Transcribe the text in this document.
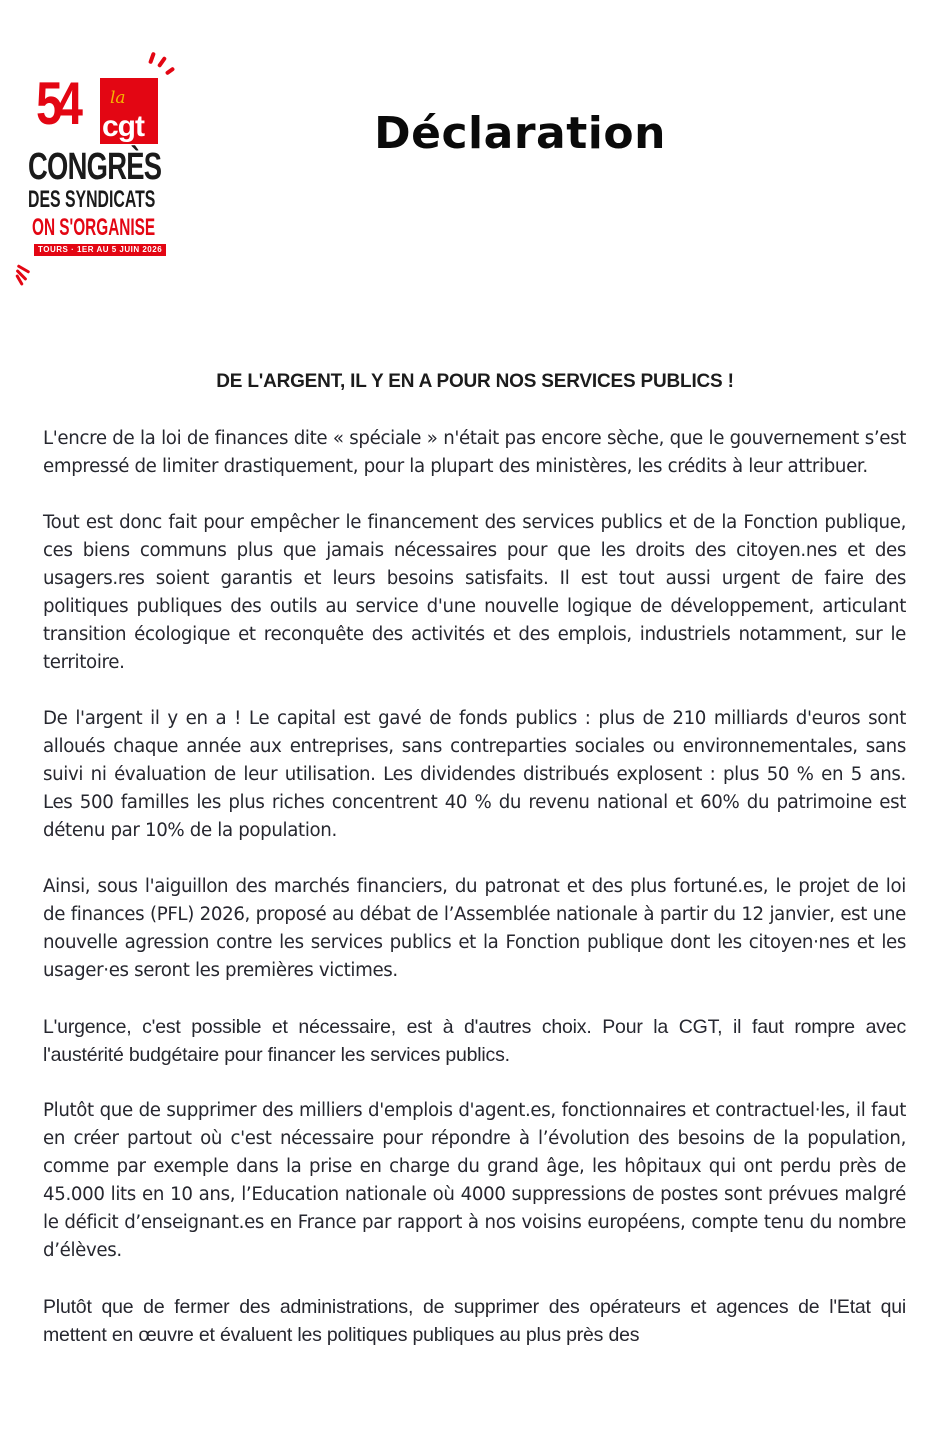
54 la
cgt
CONGRÈS
DES SYNDICATS
ON S'ORGANISE
TOURS · 1ER AU 5 JUIN 2026
Déclaration
DE L'ARGENT, IL Y EN A POUR NOS SERVICES PUBLICS !

L'encre de la loi de finances dite « spéciale » n'était pas encore sèche, que le gouvernement s’est empressé de limiter drastiquement, pour la plupart des ministères, les crédits à leur attribuer.

Tout est donc fait pour empêcher le financement des services publics et de la Fonction publique, ces biens communs plus que jamais nécessaires pour que les droits des citoyen.nes et des usagers.res soient garantis et leurs besoins satisfaits. Il est tout aussi urgent de faire des politiques publiques des outils au service d'une nouvelle logique de développement, articulant transition écologique et reconquête des activités et des emplois, industriels notamment, sur le territoire.

De l'argent il y en a ! Le capital est gavé de fonds publics : plus de 210 milliards d'euros sont alloués chaque année aux entreprises, sans contreparties sociales ou environnementales, sans suivi ni évaluation de leur utilisation. Les dividendes distribués explosent : plus 50 % en 5 ans. Les 500 familles les plus riches concentrent 40 % du revenu national et 60% du patrimoine est détenu par 10% de la population.

Ainsi, sous l'aiguillon des marchés financiers, du patronat et des plus fortuné.es, le projet de loi de finances (PFL) 2026, proposé au débat de l’Assemblée nationale à partir du 12 janvier, est une nouvelle agression contre les services publics et la Fonction publique dont les citoyen·nes et les usager·es seront les premières victimes.

L'urgence, c'est possible et nécessaire, est à d'autres choix. Pour la CGT, il faut rompre avec l'austérité budgétaire pour financer les services publics.

Plutôt que de supprimer des milliers d'emplois d'agent.es, fonctionnaires et contractuel·les, il faut en créer partout où c'est nécessaire pour répondre à l’évolution des besoins de la population, comme par exemple dans la prise en charge du grand âge, les hôpitaux qui ont perdu près de 45.000 lits en 10 ans, l’Education nationale où 4000 suppressions de postes sont prévues malgré le déficit d’enseignant.es en France par rapport à nos voisins européens, compte tenu du nombre d’élèves.

Plutôt que de fermer des administrations, de supprimer des opérateurs et agences de l'Etat qui mettent en œuvre et évaluent les politiques publiques au plus près des
